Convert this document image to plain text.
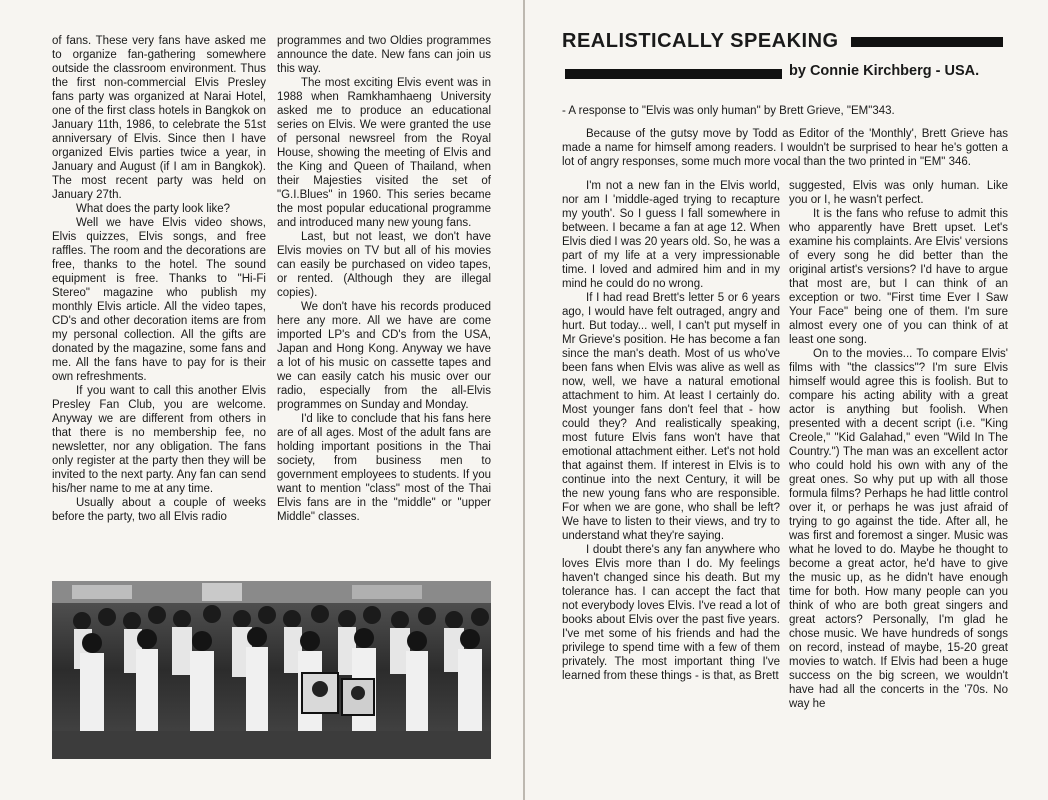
of fans. These very fans have asked me to organize fan-gathering somewhere outside the classroom environment. Thus the first non-commercial Elvis Presley fans party was organized at Narai Hotel, one of the first class hotels in Bangkok on January 11th, 1986, to celebrate the 51st anniversary of Elvis. Since then I have organized Elvis parties twice a year, in January and August (if I am in Bangkok). The most recent party was held on January 27th.

What does the party look like?

Well we have Elvis video shows, Elvis quizzes, Elvis songs, and free raffles. The room and the decorations are free, thanks to the hotel. The sound equipment is free. Thanks to "Hi-Fi Stereo" magazine who publish my monthly Elvis article. All the video tapes, CD's and other decoration items are from my personal collection. All the gifts are donated by the magazine, some fans and me. All the fans have to pay for is their own refreshments.

If you want to call this another Elvis Presley Fan Club, you are welcome. Anyway we are different from others in that there is no membership fee, no newsletter, nor any obligation. The fans only register at the party then they will be invited to the next party. Any fan can send his/her name to me at any time.

Usually about a couple of weeks before the party, two all Elvis radio

programmes and two Oldies programmes announce the date. New fans can join us this way.

The most exciting Elvis event was in 1988 when Ramkhamhaeng University asked me to produce an educational series on Elvis. We were granted the use of personal newsreel from the Royal House, showing the meeting of Elvis and the King and Queen of Thailand, when their Majesties visited the set of "G.I.Blues" in 1960. This series became the most popular educational programme and introduced many new young fans.

Last, but not least, we don't have Elvis movies on TV but all of his movies can easily be purchased on video tapes, or rented. (Although they are illegal copies).

We don't have his records produced here any more. All we have are come imported LP's and CD's from the USA, Japan and Hong Kong. Anyway we have a lot of his music on cassette tapes and we can easily catch his music over our radio, especially from the all-Elvis programmes on Sunday and Monday.

I'd like to conclude that his fans here are of all ages. Most of the adult fans are holding important positions in the Thai society, from business men to government employees to students. If you want to mention "class" most of the Thai Elvis fans are in the "middle" or "upper Middle" classes.

REALISTICALLY SPEAKING
by Connie Kirchberg - USA.
- A response to "Elvis was only human" by Brett Grieve, "EM"343.
Because of the gutsy move by Todd as Editor of the 'Monthly', Brett Grieve has made a name for himself among readers. I wouldn't be surprised to hear he's gotten a lot of angry responses, some much more vocal than the two printed in "EM" 346.

I'm not a new fan in the Elvis world, nor am I 'middle-aged trying to recapture my youth'. So I guess I fall somewhere in between. I became a fan at age 12. When Elvis died I was 20 years old. So, he was a part of my life at a very impressionable time. I loved and admired him and in my mind he could do no wrong.

If I had read Brett's letter 5 or 6 years ago, I would have felt outraged, angry and hurt. But today... well, I can't put myself in Mr Grieve's position. He has become a fan since the man's death. Most of us who've been fans when Elvis was alive as well as now, well, we have a natural emotional attachment to him. At least I certainly do. Most younger fans don't feel that - how could they? And realistically speaking, most future Elvis fans won't have that emotional attachment either. Let's not hold that against them. If interest in Elvis is to continue into the next Century, it will be the new young fans who are responsible. For when we are gone, who shall be left? We have to listen to their views, and try to understand what they're saying.

I doubt there's any fan anywhere who loves Elvis more than I do. My feelings haven't changed since his death. But my tolerance has. I can accept the fact that not everybody loves Elvis. I've read a lot of books about Elvis over the past five years. I've met some of his friends and had the privilege to spend time with a few of them privately. The most important thing I've learned from these things - is that, as Brett

suggested, Elvis was only human. Like you or I, he wasn't perfect.

It is the fans who refuse to admit this who apparently have Brett upset. Let's examine his complaints. Are Elvis' versions of every song he did better than the original artist's versions? I'd have to argue that most are, but I can think of an exception or two. "First time Ever I Saw Your Face" being one of them. I'm sure almost every one of you can think of at least one song.

On to the movies... To compare Elvis' films with "the classics"? I'm sure Elvis himself would agree this is foolish. But to compare his acting ability with a great actor is anything but foolish. When presented with a decent script (i.e. "King Creole," "Kid Galahad," even "Wild In The Country.") The man was an excellent actor who could hold his own with any of the great ones. So why put up with all those formula films? Perhaps he had little control over it, or perhaps he was just afraid of trying to go against the tide. After all, he was first and foremost a singer. Music was what he loved to do. Maybe he thought to become a great actor, he'd have to give the music up, as he didn't have enough time for both. How many people can you think of who are both great singers and great actors? Personally, I'm glad he chose music. We have hundreds of songs on record, instead of maybe, 15-20 great movies to watch. If Elvis had been a huge success on the big screen, we wouldn't have had all the concerts in the '70s. No way he
